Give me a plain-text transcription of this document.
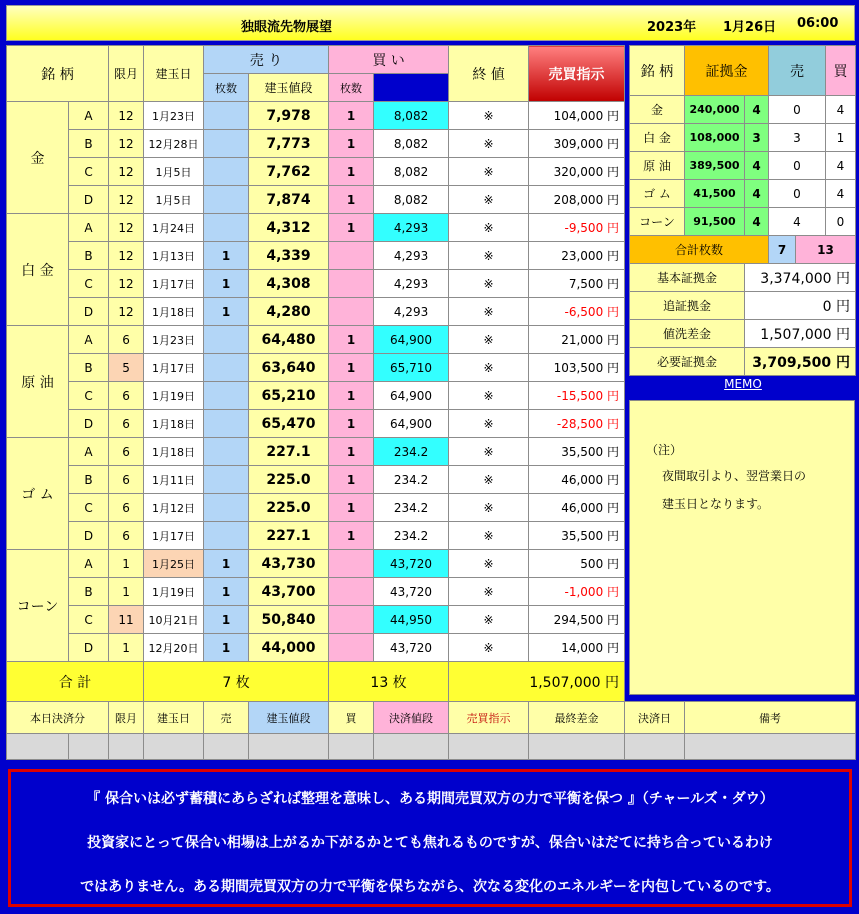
独眼流先物展望	2023年 1月26日 06:00
銘 柄		限月	建玉日	売 り		買 い		終 値	売買指示	
				枚数	建玉値段	枚数				
金	A	12	1月23日		7,978	1	8,082	※	104,000 円	
	B	12	12月28日		7,773	1	8,082	※	309,000 円	
	C	12	1月5日		7,762	1	8,082	※	320,000 円	
	D	12	1月5日		7,874	1	8,082	※	208,000 円	
白 金	A	12	1月24日		4,312	1	4,293	※	-9,500 円	
	B	12	1月13日	1	4,339		4,293	※	23,000 円	
	C	12	1月17日	1	4,308		4,293	※	7,500 円	
	D	12	1月18日	1	4,280		4,293	※	-6,500 円	
原 油	A	6	1月23日		64,480	1	64,900	※	21,000 円	
	B	5	1月17日		63,640	1	65,710	※	103,500 円	
	C	6	1月19日		65,210	1	64,900	※	-15,500 円	
	D	6	1月18日		65,470	1	64,900	※	-28,500 円	
ゴ ム	A	6	1月18日		227.1	1	234.2	※	35,500 円	
	B	6	1月11日		225.0	1	234.2	※	46,000 円	
	C	6	1月12日		225.0	1	234.2	※	46,000 円	
	D	6	1月17日		227.1	1	234.2	※	35,500 円	
コーン	A	1	1月25日	1	43,730		43,720	※	500 円	
	B	1	1月19日	1	43,700		43,720	※	-1,000 円	
	C	11	10月21日	1	50,840		44,950	※	294,500 円	
	D	1	12月20日	1	44,000		43,720	※	14,000 円	
合 計			7 枚			13 枚		1,507,000 円		
銘 柄	証拠金		売		買
金	240,000	4	0		4
白 金	108,000	3	3		1
原 油	389,500	4	0		4
ゴ ム	41,500	4	0		4
コーン	91,500	4	4		0
合計枚数			7	13	
基本証拠金		3,374,000 円			
追証拠金		0 円			
値洗差金		1,507,000 円			
必要証拠金		3,709,500 円			
MEMO

（注）

夜間取引より、翌営業日の

建玉日となります。

本日決済分		限月	建玉日	売	建玉値段	買	決済値段	売買指示	最終差金	決済日	備考

『 保合いは必ず蓄積にあらざれば整理を意味し、ある期間売買双方の力で平衡を保つ 』（チャールズ・ダウ）

投資家にとって保合い相場は上がるか下がるかとても焦れるものですが、保合いはだてに持ち合っているわけ

ではありません。ある期間売買双方の力で平衡を保ちながら、次なる変化のエネルギーを内包しているのです。
